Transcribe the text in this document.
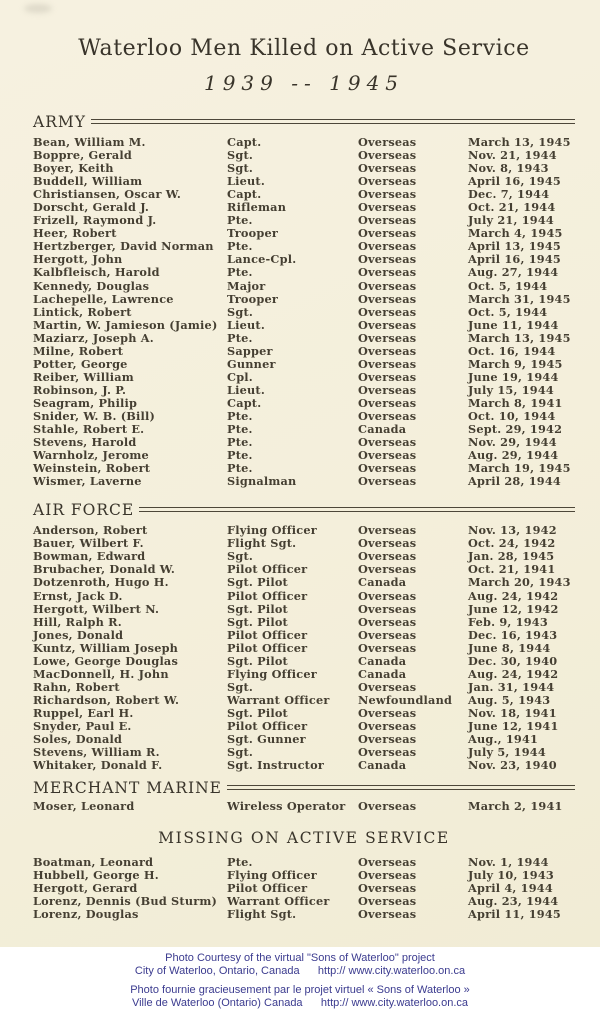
Waterloo Men Killed on Active Service
1939 -- 1945
ARMY
Bean, William M.	Capt.	Overseas	March 13, 1945
Boppre, Gerald	Sgt.	Overseas	Nov. 21, 1944
Boyer, Keith	Sgt.	Overseas	Nov. 8, 1943
Buddell, William	Lieut.	Overseas	April 16, 1945
Christiansen, Oscar W.	Capt.	Overseas	Dec. 7, 1944
Dorscht, Gerald J.	Rifleman	Overseas	Oct. 21, 1944
Frizell, Raymond J.	Pte.	Overseas	July 21, 1944
Heer, Robert	Trooper	Overseas	March 4, 1945
Hertzberger, David Norman	Pte.	Overseas	April 13, 1945
Hergott, John	Lance-Cpl.	Overseas	April 16, 1945
Kalbfleisch, Harold	Pte.	Overseas	Aug. 27, 1944
Kennedy, Douglas	Major	Overseas	Oct. 5, 1944
Lachepelle, Lawrence	Trooper	Overseas	March 31, 1945
Lintick, Robert	Sgt.	Overseas	Oct. 5, 1944
Martin, W. Jamieson (Jamie) Lieut.	Overseas	June 11, 1944
Maziarz, Joseph A.	Pte.	Overseas	March 13, 1945
Milne, Robert	Sapper	Overseas	Oct. 16, 1944
Potter, George	Gunner	Overseas	March 9, 1945
Reiber, William	Cpl.	Overseas	June 19, 1944
Robinson, J. P.	Lieut.	Overseas	July 15, 1944
Seagram, Philip	Capt.	Overseas	March 8, 1941
Snider, W. B. (Bill)	Pte.	Overseas	Oct. 10, 1944
Stahle, Robert E.	Pte.	Canada	Sept. 29, 1942
Stevens, Harold	Pte.	Overseas	Nov. 29, 1944
Warnholz, Jerome	Pte.	Overseas	Aug. 29, 1944
Weinstein, Robert	Pte.	Overseas	March 19, 1945
Wismer, Laverne	Signalman	Overseas	April 28, 1944
AIR FORCE
Anderson, Robert	Flying Officer	Overseas	Nov. 13, 1942
Bauer, Wilbert F.	Flight Sgt.	Overseas	Oct. 24, 1942
Bowman, Edward	Sgt.	Overseas	Jan. 28, 1945
Brubacher, Donald W.	Pilot Officer	Overseas	Oct. 21, 1941
Dotzenroth, Hugo H.	Sgt. Pilot	Canada	March 20, 1943
Ernst, Jack D.	Pilot Officer	Overseas	Aug. 24, 1942
Hergott, Wilbert N.	Sgt. Pilot	Overseas	June 12, 1942
Hill, Ralph R.	Sgt. Pilot	Overseas	Feb. 9, 1943
Jones, Donald	Pilot Officer	Overseas	Dec. 16, 1943
Kuntz, William Joseph	Pilot Officer	Overseas	June 8, 1944
Lowe, George Douglas	Sgt. Pilot	Canada	Dec. 30, 1940
MacDonnell, H. John	Flying Officer	Canada	Aug. 24, 1942
Rahn, Robert	Sgt.	Overseas	Jan. 31, 1944
Richardson, Robert W.	Warrant Officer	Newfoundland	Aug. 5, 1943
Ruppel, Earl H.	Sgt. Pilot	Overseas	Nov. 18, 1941
Snyder, Paul E.	Pilot Officer	Overseas	June 12, 1941
Soles, Donald	Sgt. Gunner	Overseas	Aug., 1941
Stevens, William R.	Sgt.	Overseas	July 5, 1944
Whitaker, Donald F.	Sgt. Instructor	Canada	Nov. 23, 1940
MERCHANT MARINE
Moser, Leonard	Wireless Operator	Overseas	March 2, 1941
MISSING ON ACTIVE SERVICE
Boatman, Leonard	Pte.	Overseas	Nov. 1, 1944
Hubbell, George H.	Flying Officer	Overseas	July 10, 1943
Hergott, Gerard	Pilot Officer	Overseas	April 4, 1944
Lorenz, Dennis (Bud Sturm) Warrant Officer	Overseas	Aug. 23, 1944
Lorenz, Douglas	Flight Sgt.	Overseas	April 11, 1945
Photo Courtesy of the virtual "Sons of Waterloo" project
City of Waterloo, Ontario, Canada      http:// www.city.waterloo.on.ca
Photo fournie gracieusement par le projet virtuel « Sons of Waterloo »
Ville de Waterloo (Ontario) Canada      http:// www.city.waterloo.on.ca
